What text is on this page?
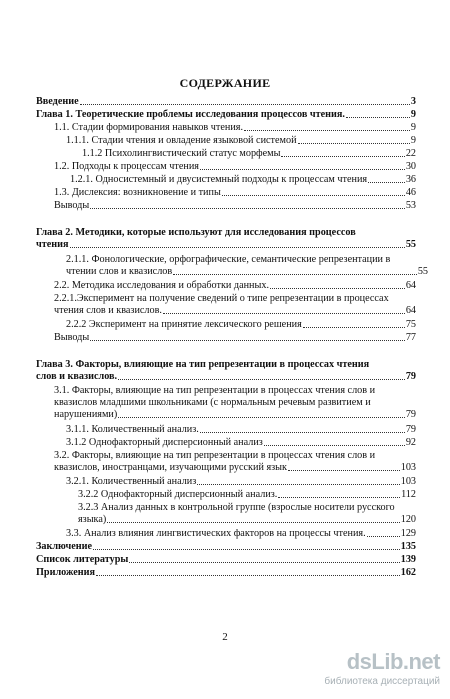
СОДЕРЖАНИЕ
Введение	3
Глава 1. Теоретические проблемы исследования процессов чтения.	9
1.1. Стадии формирования навыков чтения.	9
1.1.1. Стадии чтения и овладение языковой системой	9
1.1.2 Психолингвистический статус морфемы	22
1.2. Подходы к процессам чтения	30
1.2.1. Односистемный и двусистемный подходы к процессам чтения	36
1.3. Дислексия: возникновение и типы	46
Выводы	53
Глава 2. Методики, которые используют для исследования процессов
чтения	55
2.1.1. Фонологические, орфографические, семантические репрезентации в
чтении слов и квазислов	55
2.2. Методика исследования и обработки данных.	64
2.2.1.Эксперимент на получение сведений о типе репрезентации в процессах
чтения слов и квазислов.	64
2.2.2 Эксперимент на принятие лексического решения	75
Выводы	77
Глава 3. Факторы, влияющие на тип репрезентации в процессах чтения
слов и квазислов.	79
3.1. Факторы, влияющие на тип репрезентации в процессах чтения слов и
квазислов младшими школьниками (с нормальным речевым развитием и
нарушениями)	79
3.1.1. Количественный анализ.	79
3.1.2 Однофакторный дисперсионный анализ	92
3.2. Факторы, влияющие на тип репрезентации в процессах чтения слов и
квазислов, иностранцами, изучающими русский язык	103
3.2.1. Количественный анализ	103
3.2.2 Однофакторный дисперсионный анализ.	112
3.2.3 Анализ данных в контрольной группе (взрослые носители русского
языка)	120
3.3. Анализ влияния лингвистических факторов на процессы чтения.	129
Заключение	135
Список литературы	139
Приложения	162
2
dsLib.net
библиотека диссертаций
